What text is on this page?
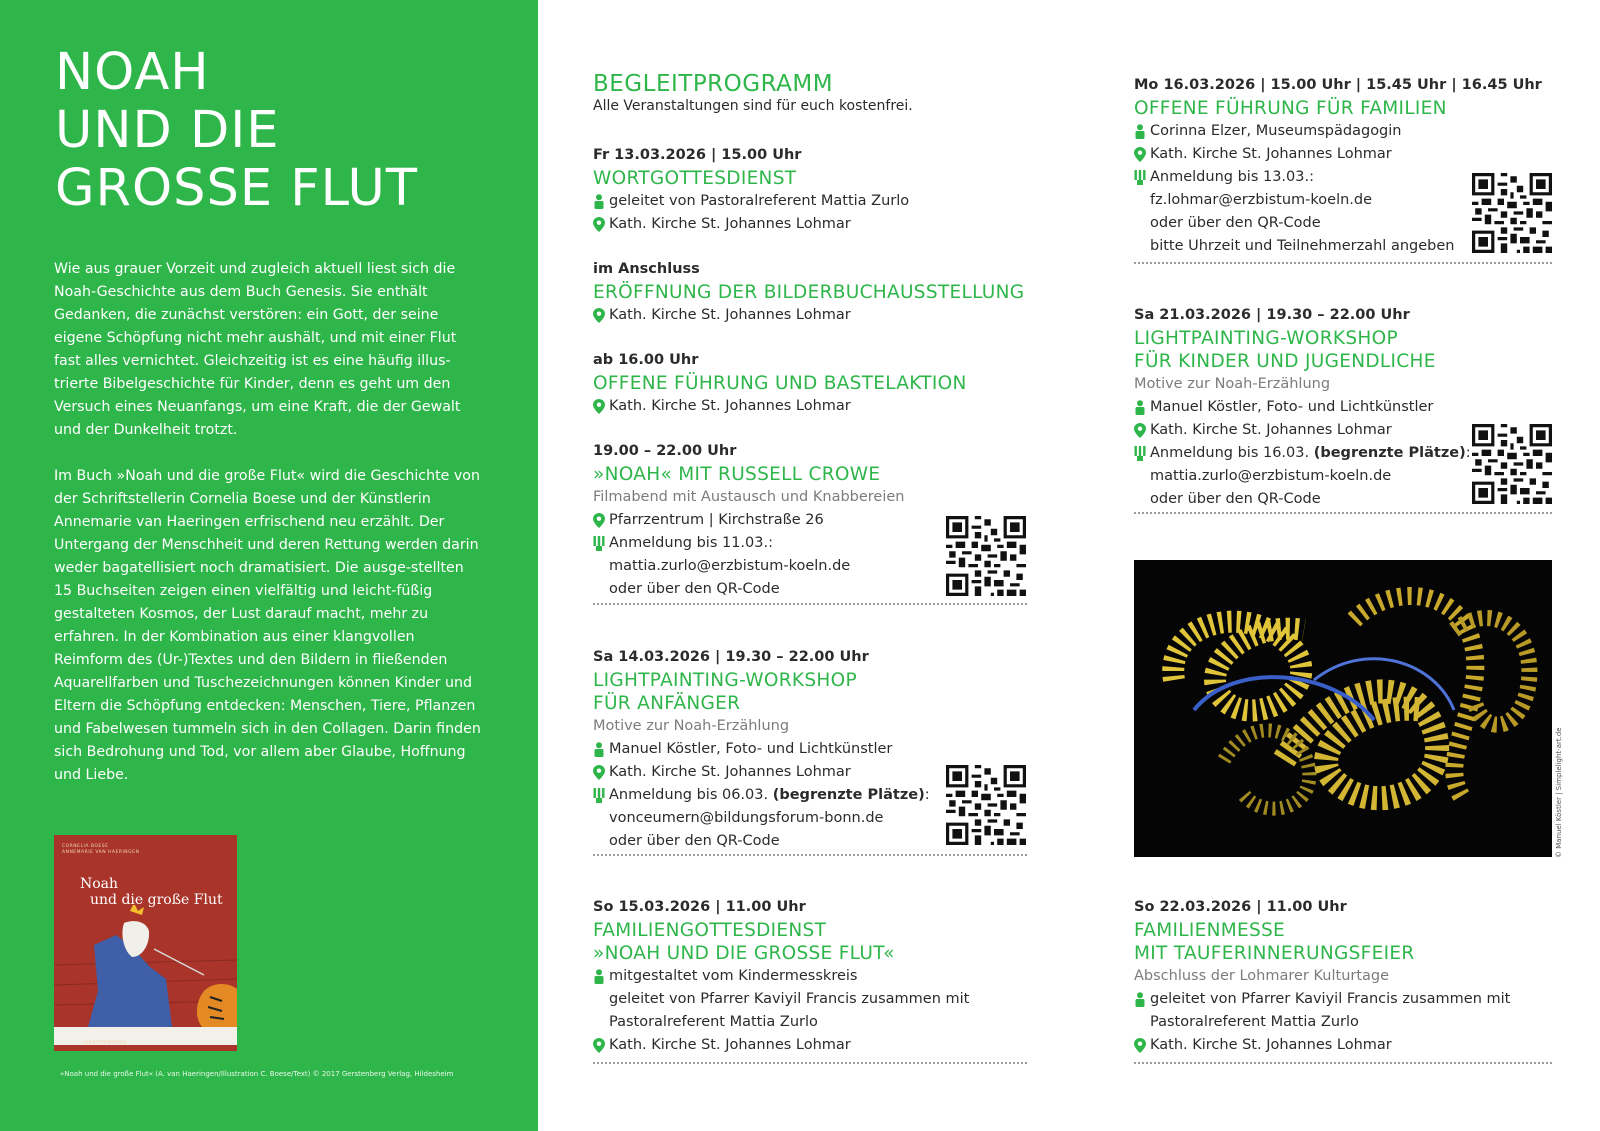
NOAH
UND DIE
GROSSE FLUT

Wie aus grauer Vorzeit und zugleich aktuell liest sich die Noah-Geschichte aus dem Buch Genesis. Sie enthält Gedanken, die zunächst verstören: ein Gott, der seine eigene Schöpfung nicht mehr aushält, und mit einer Flut fast alles vernichtet. Gleichzeitig ist es eine häufig illus-trierte Bibelgeschichte für Kinder, denn es geht um den Versuch eines Neuanfangs, um eine Kraft, die der Gewalt und der Dunkelheit trotzt.

Im Buch »Noah und die große Flut« wird die Geschichte von der Schriftstellerin Cornelia Boese und der Künstlerin Annemarie van Haeringen erfrischend neu erzählt. Der Untergang der Menschheit und deren Rettung werden darin weder bagatellisiert noch dramatisiert. Die ausge-stellten 15 Buchseiten zeigen einen vielfältig und leicht-füßig gestalteten Kosmos, der Lust darauf macht, mehr zu erfahren. In der Kombination aus einer klangvollen Reimform des (Ur-)Textes und den Bildern in fließenden Aquarellfarben und Tuschezeichnungen können Kinder und Eltern die Schöpfung entdecken: Menschen, Tiere, Pflanzen und Fabelwesen tummeln sich in den Collagen. Darin finden sich Bedrohung und Tod, vor allem aber Glaube, Hoffnung und Liebe.

CORNELIA BOESE
ANNEMARIE VAN HAERINGEN
Noah
und die große Flut
GERSTENBERG
»Noah und die große Flut« (A. van Haeringen/Illustration C. Boese/Text) © 2017 Gerstenberg Verlag, Hildesheim
BEGLEITPROGRAMM
Alle Veranstaltungen sind für euch kostenfrei.
Fr 13.03.2026 | 15.00 Uhr
WORTGOTTESDIENST
geleitet von Pastoralreferent Mattia Zurlo
Kath. Kirche St. Johannes Lohmar
im Anschluss
ERÖFFNUNG DER BILDERBUCHAUSSTELLUNG
Kath. Kirche St. Johannes Lohmar
ab 16.00 Uhr
OFFENE FÜHRUNG UND BASTELAKTION
Kath. Kirche St. Johannes Lohmar
19.00 – 22.00 Uhr
»NOAH« MIT RUSSELL CROWE
Filmabend mit Austausch und Knabbereien
Pfarrzentrum | Kirchstraße 26
Anmeldung bis 11.03.:
mattia.zurlo@erzbistum-koeln.de
oder über den QR-Code
Sa 14.03.2026 | 19.30 – 22.00 Uhr
LIGHTPAINTING-WORKSHOP
FÜR ANFÄNGER
Motive zur Noah-Erzählung
Manuel Köstler, Foto- und Lichtkünstler
Kath. Kirche St. Johannes Lohmar
Anmeldung bis 06.03. (begrenzte Plätze):
vonceumern@bildungsforum-bonn.de
oder über den QR-Code
So 15.03.2026 | 11.00 Uhr
FAMILIENGOTTESDIENST
»NOAH UND DIE GROSSE FLUT«
mitgestaltet vom Kindermesskreis
geleitet von Pfarrer Kaviyil Francis zusammen mit
Pastoralreferent Mattia Zurlo
Kath. Kirche St. Johannes Lohmar
Mo 16.03.2026 | 15.00 Uhr | 15.45 Uhr | 16.45 Uhr
OFFENE FÜHRUNG FÜR FAMILIEN
Corinna Elzer, Museumspädagogin
Kath. Kirche St. Johannes Lohmar
Anmeldung bis 13.03.:
fz.lohmar@erzbistum-koeln.de
oder über den QR-Code
bitte Uhrzeit und Teilnehmerzahl angeben
Sa 21.03.2026 | 19.30 – 22.00 Uhr
LIGHTPAINTING-WORKSHOP
FÜR KINDER UND JUGENDLICHE
Motive zur Noah-Erzählung
Manuel Köstler, Foto- und Lichtkünstler
Kath. Kirche St. Johannes Lohmar
Anmeldung bis 16.03. (begrenzte Plätze):
mattia.zurlo@erzbistum-koeln.de
oder über den QR-Code
© Manuel Köstler | Simplelight-art.de
So 22.03.2026 | 11.00 Uhr
FAMILIENMESSE
MIT TAUFERINNERUNGSFEIER
Abschluss der Lohmarer Kulturtage
geleitet von Pfarrer Kaviyil Francis zusammen mit
Pastoralreferent Mattia Zurlo
Kath. Kirche St. Johannes Lohmar
